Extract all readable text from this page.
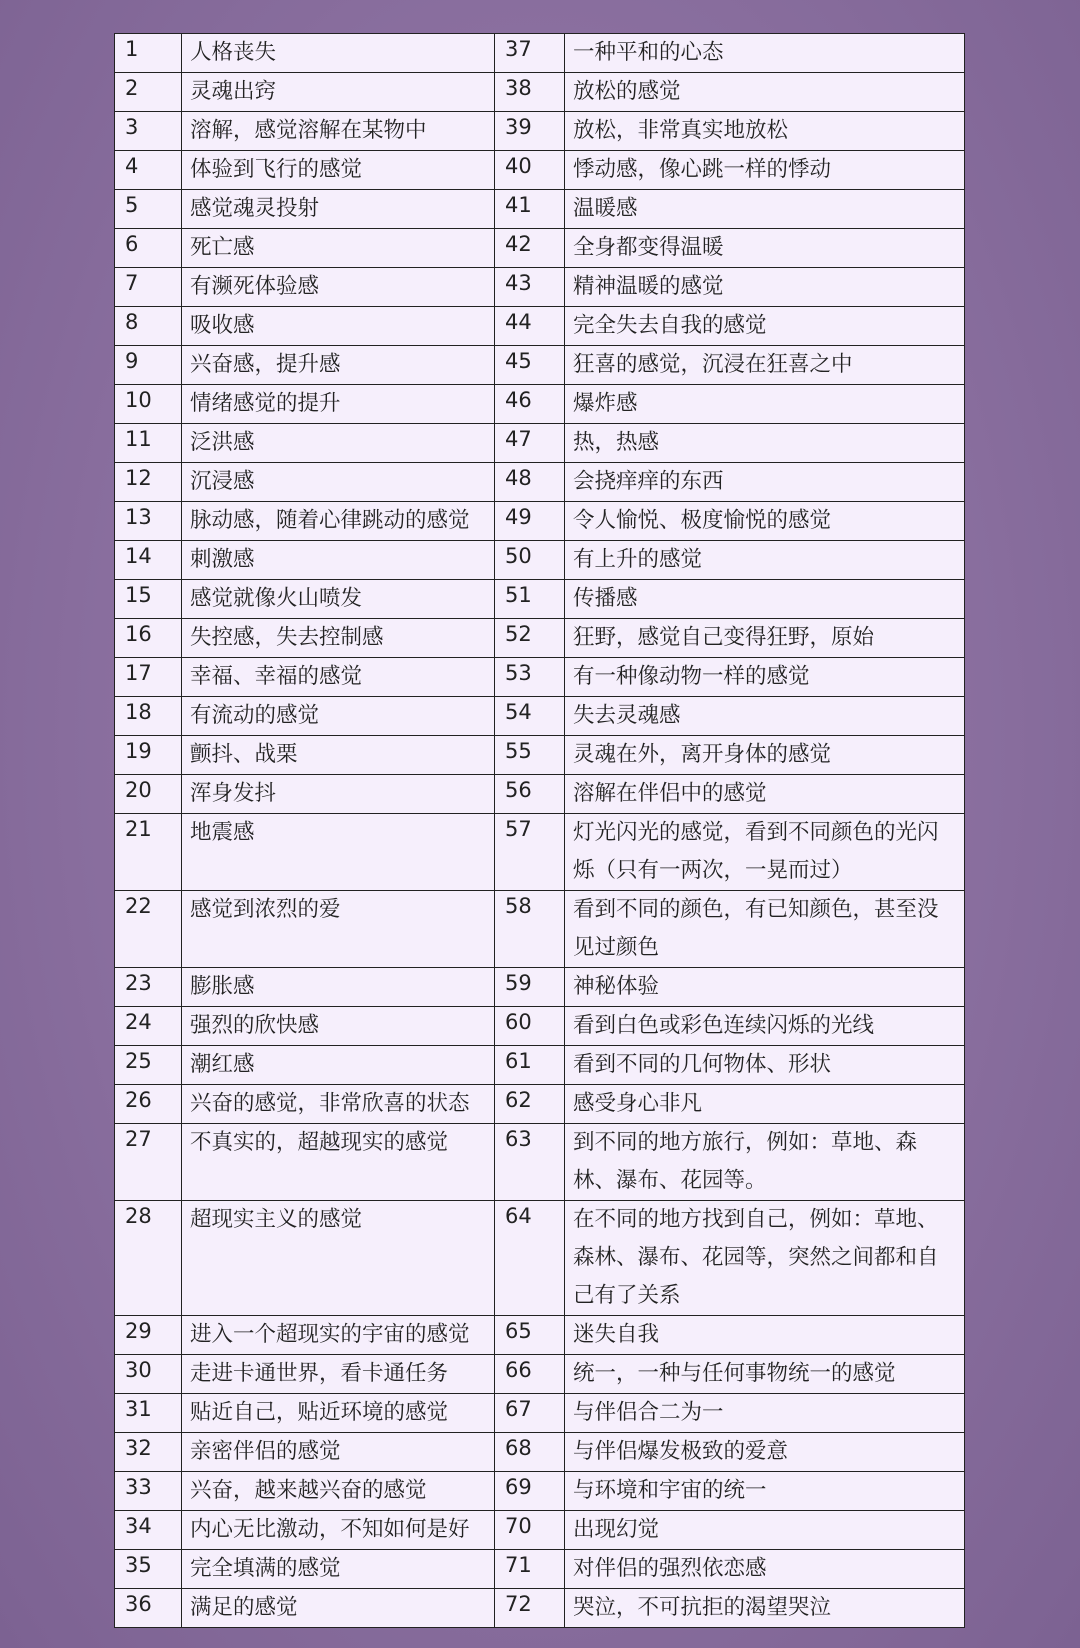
1	人格丧失	37	一种平和的心态
2	灵魂出窍	38	放松的感觉
3	溶解，感觉溶解在某物中	39	放松，非常真实地放松
4	体验到飞行的感觉	40	悸动感，像心跳一样的悸动
5	感觉魂灵投射	41	温暖感
6	死亡感	42	全身都变得温暖
7	有濒死体验感	43	精神温暖的感觉
8	吸收感	44	完全失去自我的感觉
9	兴奋感，提升感	45	狂喜的感觉，沉浸在狂喜之中
10	情绪感觉的提升	46	爆炸感
11	泛洪感	47	热，热感
12	沉浸感	48	会挠痒痒的东西
13	脉动感，随着心律跳动的感觉	49	令人愉悦、极度愉悦的感觉
14	刺激感	50	有上升的感觉
15	感觉就像火山喷发	51	传播感
16	失控感，失去控制感	52	狂野，感觉自己变得狂野，原始
17	幸福、幸福的感觉	53	有一种像动物一样的感觉
18	有流动的感觉	54	失去灵魂感
19	颤抖、战栗	55	灵魂在外，离开身体的感觉
20	浑身发抖	56	溶解在伴侣中的感觉
21	地震感	57	灯光闪光的感觉，看到不同颜色的光闪烁（只有一两次，一晃而过）
22	感觉到浓烈的爱	58	看到不同的颜色，有已知颜色，甚至没见过颜色
23	膨胀感	59	神秘体验
24	强烈的欣快感	60	看到白色或彩色连续闪烁的光线
25	潮红感	61	看到不同的几何物体、形状
26	兴奋的感觉，非常欣喜的状态	62	感受身心非凡
27	不真实的，超越现实的感觉	63	到不同的地方旅行，例如：草地、森林、瀑布、花园等。
28	超现实主义的感觉	64	在不同的地方找到自己，例如：草地、森林、瀑布、花园等，突然之间都和自己有了关系
29	进入一个超现实的宇宙的感觉	65	迷失自我
30	走进卡通世界，看卡通任务	66	统一，一种与任何事物统一的感觉
31	贴近自己，贴近环境的感觉	67	与伴侣合二为一
32	亲密伴侣的感觉	68	与伴侣爆发极致的爱意
33	兴奋，越来越兴奋的感觉	69	与环境和宇宙的统一
34	内心无比激动，不知如何是好	70	出现幻觉
35	完全填满的感觉	71	对伴侣的强烈依恋感
36	满足的感觉	72	哭泣，不可抗拒的渴望哭泣
